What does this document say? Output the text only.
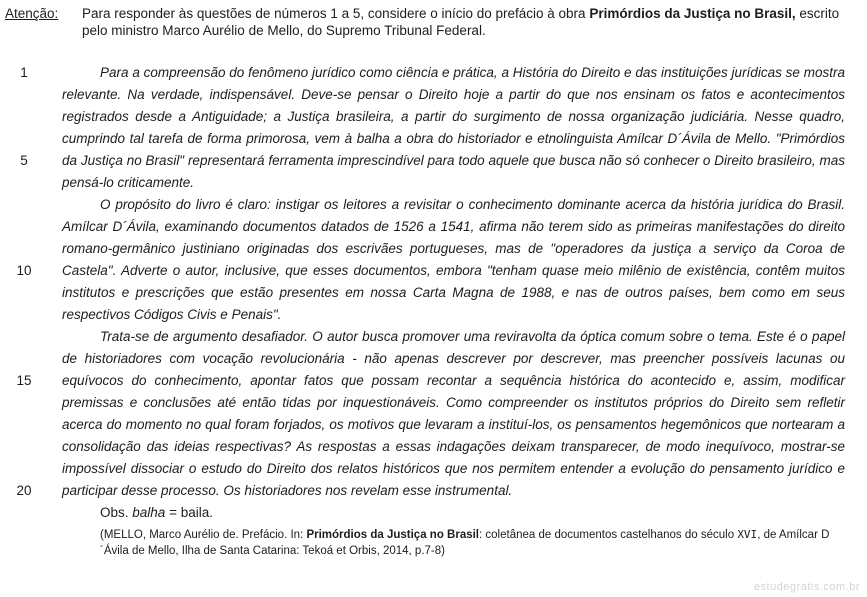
Atenção:	Para responder às questões de números 1 a 5, considere o início do prefácio à obra Primórdios da Justiça no Brasil, escrito pelo ministro Marco Aurélio de Mello, do Supremo Tribunal Federal.
1
5
10
15
20

Para a compreensão do fenômeno jurídico como ciência e prática, a História do Direito e das instituições jurídicas se mostra relevante. Na verdade, indispensável. Deve-se pensar o Direito hoje a partir do que nos ensinam os fatos e acontecimentos registrados desde a Antiguidade; a Justiça brasileira, a partir do surgimento de nossa organização judiciária. Nesse quadro, cumprindo tal tarefa de forma primorosa, vem à balha a obra do historiador e etnolinguista Amílcar D´Ávila de Mello. "Primórdios da Justiça no Brasil" representará ferramenta imprescindível para todo aquele que busca não só conhecer o Direito brasileiro, mas pensá-lo criticamente.

O propósito do livro é claro: instigar os leitores a revisitar o conhecimento dominante acerca da história jurídica do Brasil. Amílcar D´Ávila, examinando documentos datados de 1526 a 1541, afirma não terem sido as primeiras manifestações do direito romano-germânico justiniano originadas dos escrivães portugueses, mas de "operadores da justiça a serviço da Coroa de Castela". Adverte o autor, inclusive, que esses documentos, embora "tenham quase meio milênio de existência, contêm muitos institutos e prescrições que estão presentes em nossa Carta Magna de 1988, e nas de outros países, bem como em seus respectivos Códigos Civis e Penais".

Trata-se de argumento desafiador. O autor busca promover uma reviravolta da óptica comum sobre o tema. Este é o papel de historiadores com vocação revolucionária - não apenas descrever por descrever, mas preencher possíveis lacunas ou equívocos do conhecimento, apontar fatos que possam recontar a sequência histórica do acontecido e, assim, modificar premissas e conclusões até então tidas por inquestionáveis. Como compreender os institutos próprios do Direito sem refletir acerca do momento no qual foram forjados, os motivos que levaram a instituí-los, os pensamentos hegemônicos que nortearam a consolidação das ideias respectivas? As respostas a essas indagações deixam transparecer, de modo inequívoco, mostrar-se impossível dissociar o estudo do Direito dos relatos históricos que nos permitem entender a evolução do pensamento jurídico e participar desse processo. Os historiadores nos revelam esse instrumental.

Obs. balha = baila.

(MELLO, Marco Aurélio de. Prefácio. In: Primórdios da Justiça no Brasil: coletânea de documentos castelhanos do século XVI, de Amílcar D´Ávila de Mello, Ilha de Santa Catarina: Tekoá et Orbis, 2014, p.7-8)
estudegratis.com.br
